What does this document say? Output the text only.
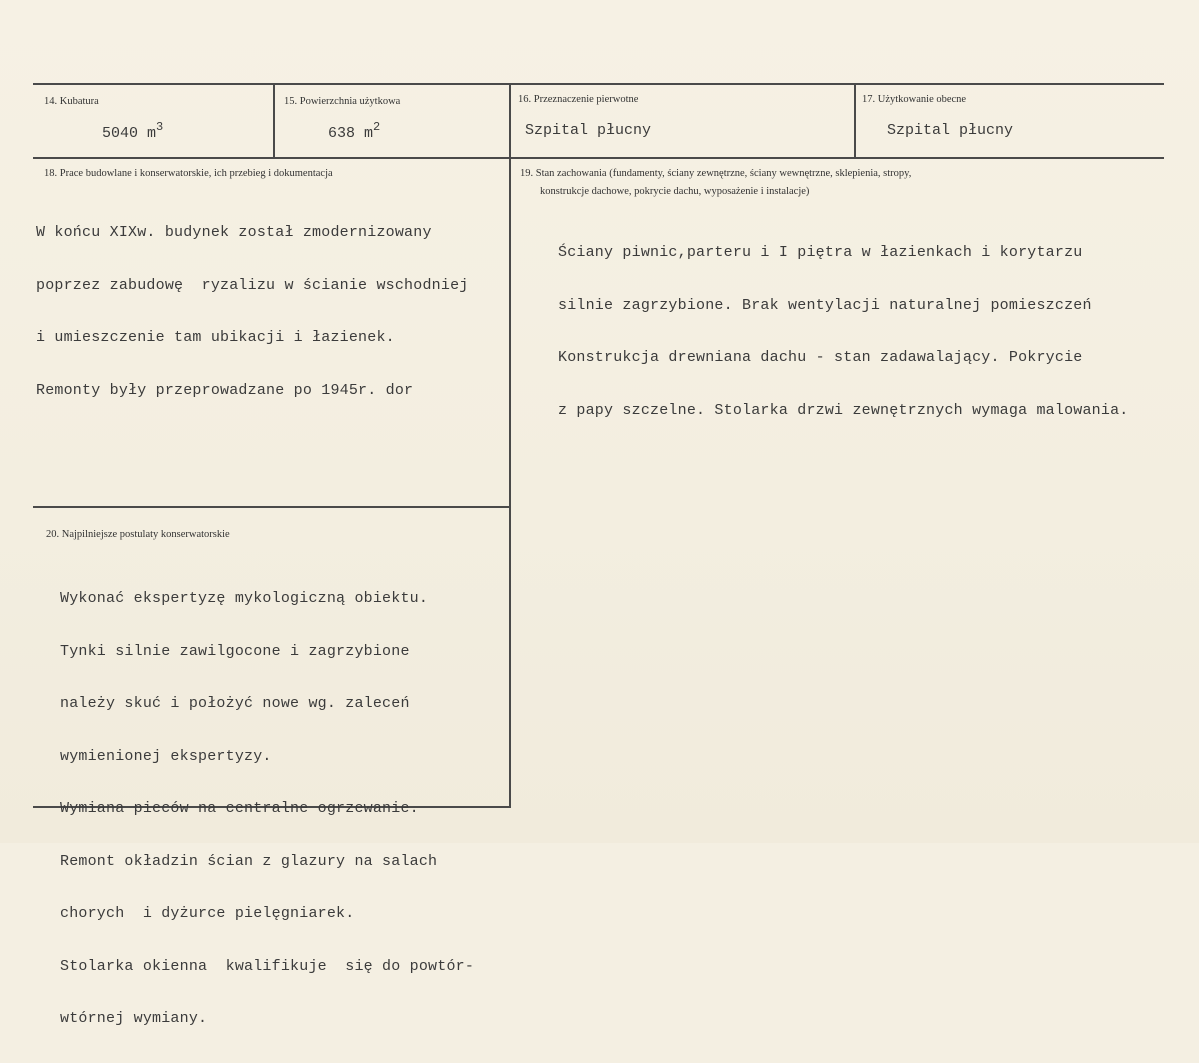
14. Kubatura	15. Powierzchnia użytkowa	16. Przeznaczenie pierwotne	17. Użytkowanie obecne
5040 $m^3$	638 $m^2$	Szpital płucny	Szpital płucny
18. Prace budowlane i konserwatorskie, ich przebieg i dokumentacja

W końcu XIXw. budynek został zmodernizowany

poprzez zabudowę  ryzalizu w ścianie wschodniej

i umieszczenie tam ubikacji i łazienek.

Remonty były przeprowadzane po 1945r. dor

19. Stan zachowania (fundamenty, ściany zewnętrzne, ściany wewnętrzne, sklepienia, stropy,
konstrukcje dachowe, pokrycie dachu, wyposażenie i instalacje)

Ściany piwnic,parteru i I piętra w łazienkach i korytarzu

silnie zagrzybione. Brak wentylacji naturalnej pomieszczeń

Konstrukcja drewniana dachu - stan zadawalający. Pokrycie

z papy szczelne. Stolarka drzwi zewnętrznych wymaga malowania.

20. Najpilniejsze postulaty konserwatorskie

Wykonać ekspertyzę mykologiczną obiektu.

Tynki silnie zawilgocone i zagrzybione

należy skuć i położyć nowe wg. zaleceń

wymienionej ekspertyzy.

Wymiana pieców na centralne ogrzewanie.

Remont okładzin ścian z glazury na salach

chorych  i dyżurce pielęgniarek.

Stolarka okienna  kwalifikuje  się do powtór-

wtórnej wymiany.
